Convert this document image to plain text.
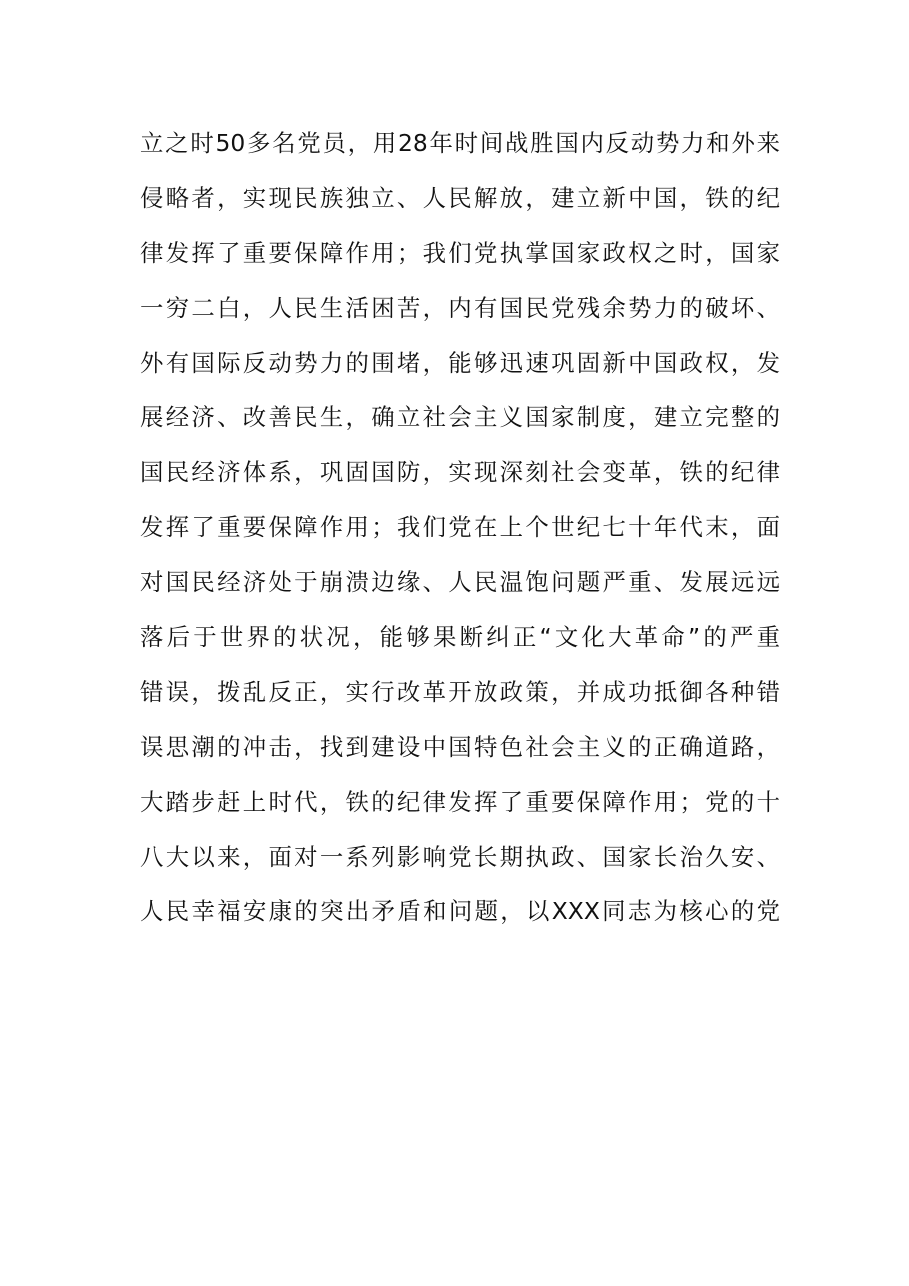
立之时50多名党员，用28年时间战胜国内反动势力和外来
侵略者，实现民族独立、人民解放，建立新中国，铁的纪
律发挥了重要保障作用；我们党执掌国家政权之时，国家
一穷二白，人民生活困苦，内有国民党残余势力的破坏、
外有国际反动势力的围堵，能够迅速巩固新中国政权，发
展经济、改善民生，确立社会主义国家制度，建立完整的
国民经济体系，巩固国防，实现深刻社会变革，铁的纪律
发挥了重要保障作用；我们党在上个世纪七十年代末，面
对国民经济处于崩溃边缘、人民温饱问题严重、发展远远
落后于世界的状况，能够果断纠正“文化大革命”的严重
错误，拨乱反正，实行改革开放政策，并成功抵御各种错
误思潮的冲击，找到建设中国特色社会主义的正确道路，
大踏步赶上时代，铁的纪律发挥了重要保障作用；党的十
八大以来，面对一系列影响党长期执政、国家长治久安、
人民幸福安康的突出矛盾和问题，以XXX同志为核心的党
